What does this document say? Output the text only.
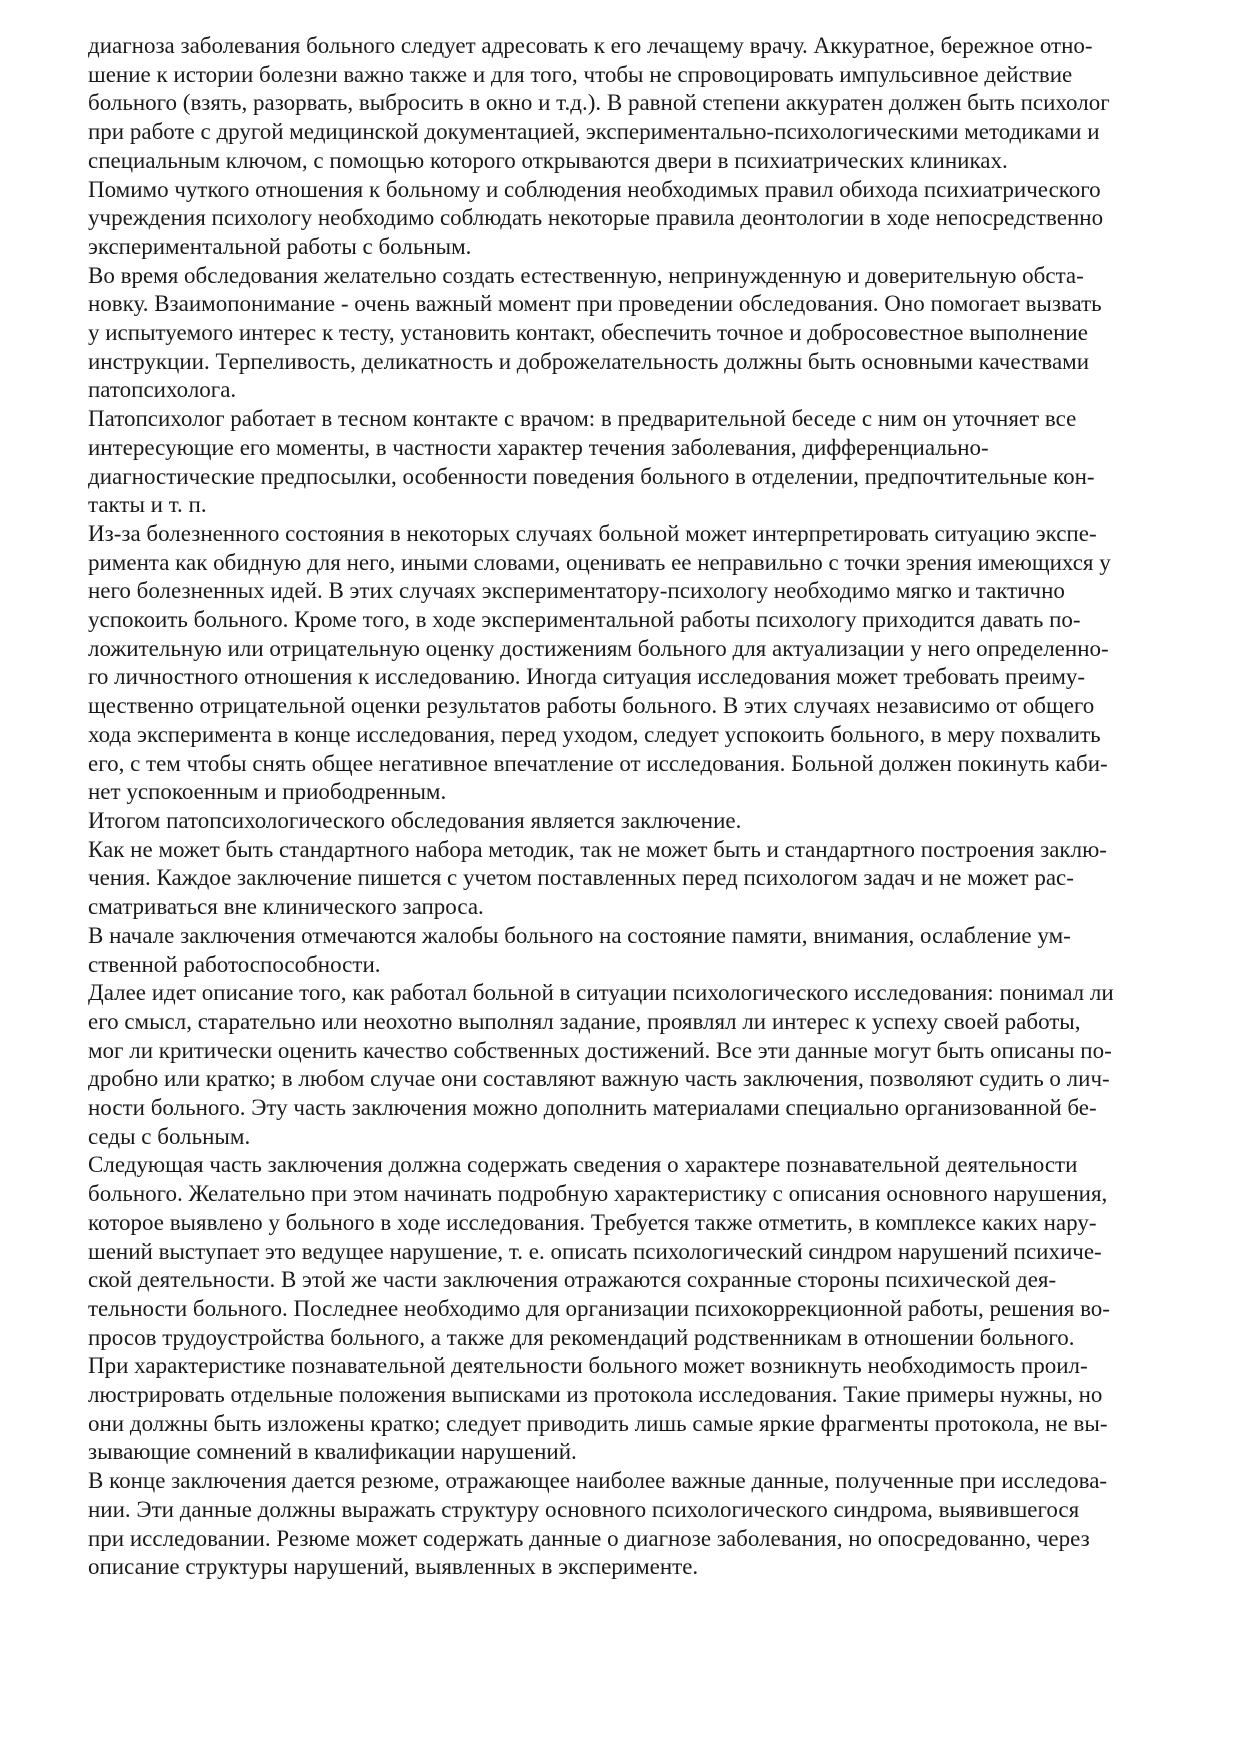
диагноза заболевания больного следует адресовать к его лечащему врачу. Аккуратное, бережное отно-
шение к истории болезни важно также и для того, чтобы не спровоцировать импульсивное действие
больного (взять, разорвать, выбросить в окно и т.д.). В равной степени аккуратен должен быть психолог
при работе с другой медицинской документацией, экспериментально-психологическими методиками и
специальным ключом, с помощью которого открываются двери в психиатрических клиниках.

Помимо чуткого отношения к больному и соблюдения необходимых правил обихода психиатрического
учреждения психологу необходимо соблюдать некоторые правила деонтологии в ходе непосредственно
экспериментальной работы с больным.

Во время обследования желательно создать естественную, непринужденную и доверительную обста-
новку. Взаимопонимание - очень важный момент при проведении обследования. Оно помогает вызвать
у испытуемого интерес к тесту, установить контакт, обеспечить точное и добросовестное выполнение
инструкции. Терпеливость, деликатность и доброжелательность должны быть основными качествами
патопсихолога.

Патопсихолог работает в тесном контакте с врачом: в предварительной беседе с ним он уточняет все
интересующие его моменты, в частности характер течения заболевания, дифференциально-
диагностические предпосылки, особенности поведения больного в отделении, предпочтительные кон-
такты и т. п.

Из-за болезненного состояния в некоторых случаях больной может интерпретировать ситуацию экспе-
римента как обидную для него, иными словами, оценивать ее неправильно с точки зрения имеющихся у
него болезненных идей. В этих случаях экспериментатору-психологу необходимо мягко и тактично
успокоить больного. Кроме того, в ходе экспериментальной работы психологу приходится давать по-
ложительную или отрицательную оценку достижениям больного для актуализации у него определенно-
го личностного отношения к исследованию. Иногда ситуация исследования может требовать преиму-
щественно отрицательной оценки результатов работы больного. В этих случаях независимо от общего
хода эксперимента в конце исследования, перед уходом, следует успокоить больного, в меру похвалить
его, с тем чтобы снять общее негативное впечатление от исследования. Больной должен покинуть каби-
нет успокоенным и приободренным.

Итогом патопсихологического обследования является заключение.

Как не может быть стандартного набора методик, так не может быть и стандартного построения заклю-
чения. Каждое заключение пишется с учетом поставленных перед психологом задач и не может рас-
сматриваться вне клинического запроса.

В начале заключения отмечаются жалобы больного на состояние памяти, внимания, ослабление ум-
ственной работоспособности.

Далее идет описание того, как работал больной в ситуации психологического исследования: понимал ли
его смысл, старательно или неохотно выполнял задание, проявлял ли интерес к успеху своей работы,
мог ли критически оценить качество собственных достижений. Все эти данные могут быть описаны по-
дробно или кратко; в любом случае они составляют важную часть заключения, позволяют судить о лич-
ности больного. Эту часть заключения можно дополнить материалами специально организованной бе-
седы с больным.

Следующая часть заключения должна содержать сведения о характере познавательной деятельности
больного. Желательно при этом начинать подробную характеристику с описания основного нарушения,
которое выявлено у больного в ходе исследования. Требуется также отметить, в комплексе каких нару-
шений выступает это ведущее нарушение, т. е. описать психологический синдром нарушений психиче-
ской деятельности. В этой же части заключения отражаются сохранные стороны психической дея-
тельности больного. Последнее необходимо для организации психокоррекционной работы, решения во-
просов трудоустройства больного, а также для рекомендаций родственникам в отношении больного.

При характеристике познавательной деятельности больного может возникнуть необходимость проил-
люстрировать отдельные положения выписками из протокола исследования. Такие примеры нужны, но
они должны быть изложены кратко; следует приводить лишь самые яркие фрагменты протокола, не вы-
зывающие сомнений в квалификации нарушений.

В конце заключения дается резюме, отражающее наиболее важные данные, полученные при исследова-
нии. Эти данные должны выражать структуру основного психологического синдрома, выявившегося
при исследовании. Резюме может содержать данные о диагнозе заболевания, но опосредованно, через
описание структуры нарушений, выявленных в эксперименте.
